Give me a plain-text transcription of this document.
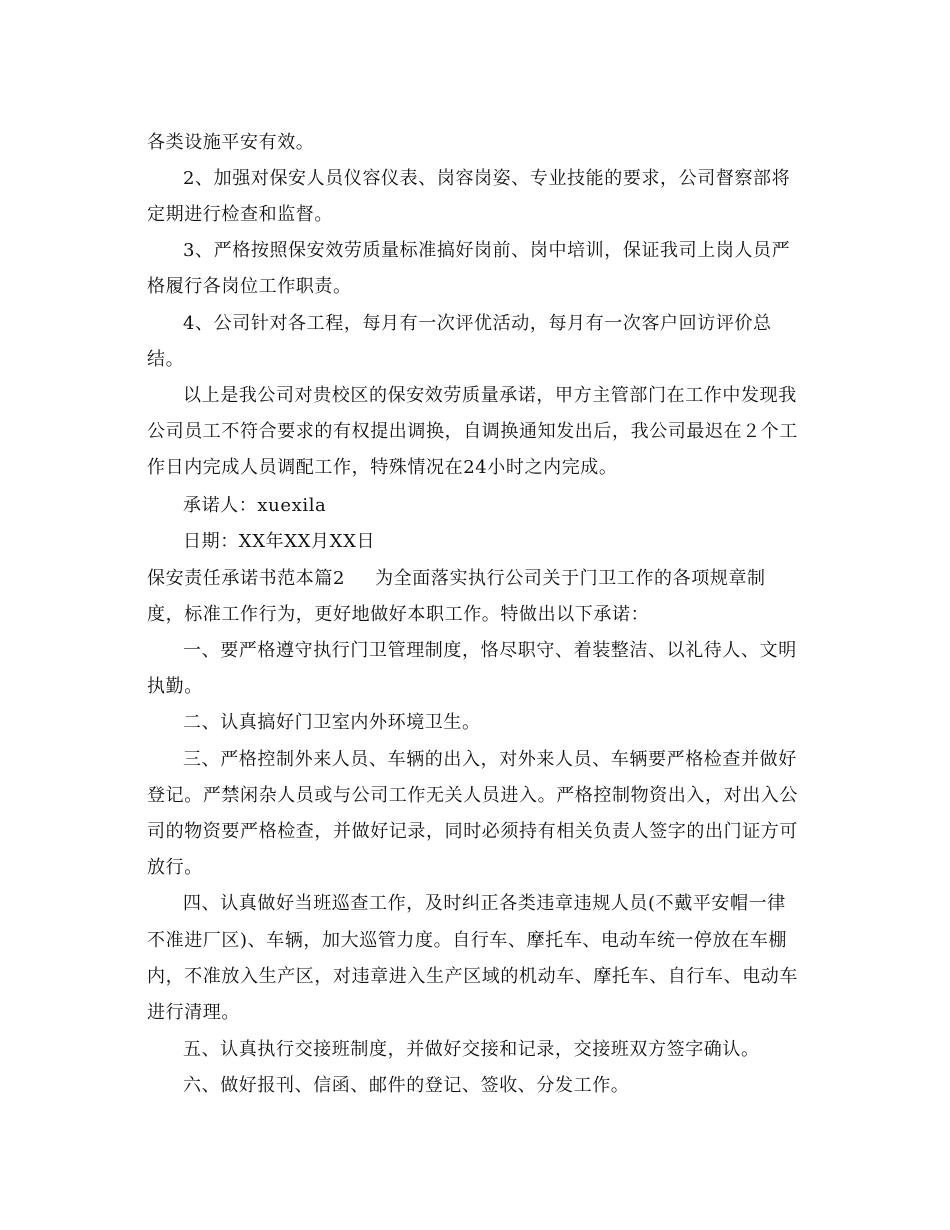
各类设施平安有效。
2、加强对保安人员仪容仪表、岗容岗姿、专业技能的要求，公司督察部将
定期进行检查和监督。
3、严格按照保安效劳质量标准搞好岗前、岗中培训，保证我司上岗人员严
格履行各岗位工作职责。
4、公司针对各工程，每月有一次评优活动，每月有一次客户回访评价总
结。
以上是我公司对贵校区的保安效劳质量承诺，甲方主管部门在工作中发现我
公司员工不符合要求的有权提出调换，自调换通知发出后，我公司最迟在２个工
作日内完成人员调配工作，特殊情况在24小时之内完成。
承诺人：xuexila
日期：XX年XX月XX日
保安责任承诺书范本篇2 为全面落实执行公司关于门卫工作的各项规章制
度，标准工作行为，更好地做好本职工作。特做出以下承诺：
一、要严格遵守执行门卫管理制度，恪尽职守、着装整洁、以礼待人、文明
执勤。
二、认真搞好门卫室内外环境卫生。
三、严格控制外来人员、车辆的出入，对外来人员、车辆要严格检查并做好
登记。严禁闲杂人员或与公司工作无关人员进入。严格控制物资出入，对出入公
司的物资要严格检查，并做好记录，同时必须持有相关负责人签字的出门证方可
放行。
四、认真做好当班巡查工作，及时纠正各类违章违规人员(不戴平安帽一律
不准进厂区)、车辆，加大巡管力度。自行车、摩托车、电动车统一停放在车棚
内，不准放入生产区，对违章进入生产区域的机动车、摩托车、自行车、电动车
进行清理。
五、认真执行交接班制度，并做好交接和记录，交接班双方签字确认。
六、做好报刊、信函、邮件的登记、签收、分发工作。
